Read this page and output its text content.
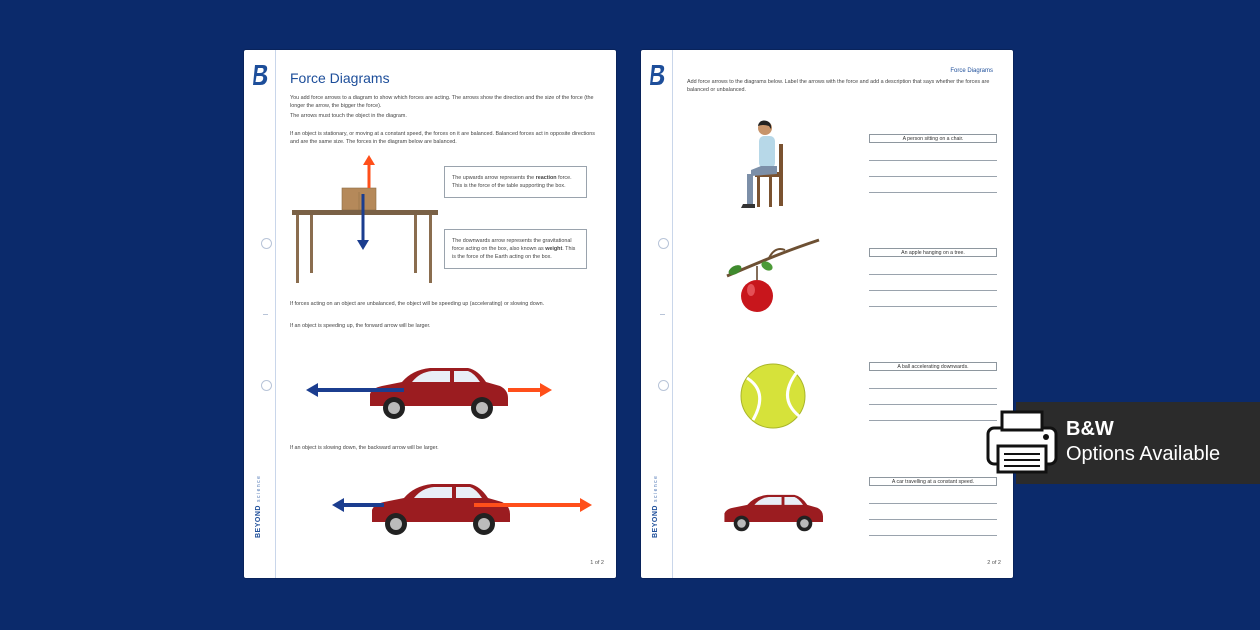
BEYONDscience
Force Diagrams
You add force arrows to a diagram to show which forces are acting. The arrows show the direction and the size of the force (the longer the arrow, the bigger the force).
The arrows must touch the object in the diagram.
If an object is stationary, or moving at a constant speed, the forces on it are balanced. Balanced forces act in opposite directions and are the same size. The forces in the diagram below are balanced.
The upwards arrow represents the reaction force. This is the force of the table supporting the box.
The downwards arrow represents the gravitational force acting on the box, also known as weight. This is the force of the Earth acting on the box.
If forces acting on an object are unbalanced, the object will be speeding up (accelerating) or slowing down.
If an object is speeding up, the forward arrow will be larger.
If an object is slowing down, the backward arrow will be larger.
1 of 2
BEYONDscience
Force Diagrams
Add force arrows to the diagrams below. Label the arrows with the force and add a description that says whether the forces are balanced or unbalanced.
A person sitting on a chair.
An apple hanging on a tree.
A ball accelerating downwards.
A car travelling at a constant speed.
2 of 2
B&W
Options Available
